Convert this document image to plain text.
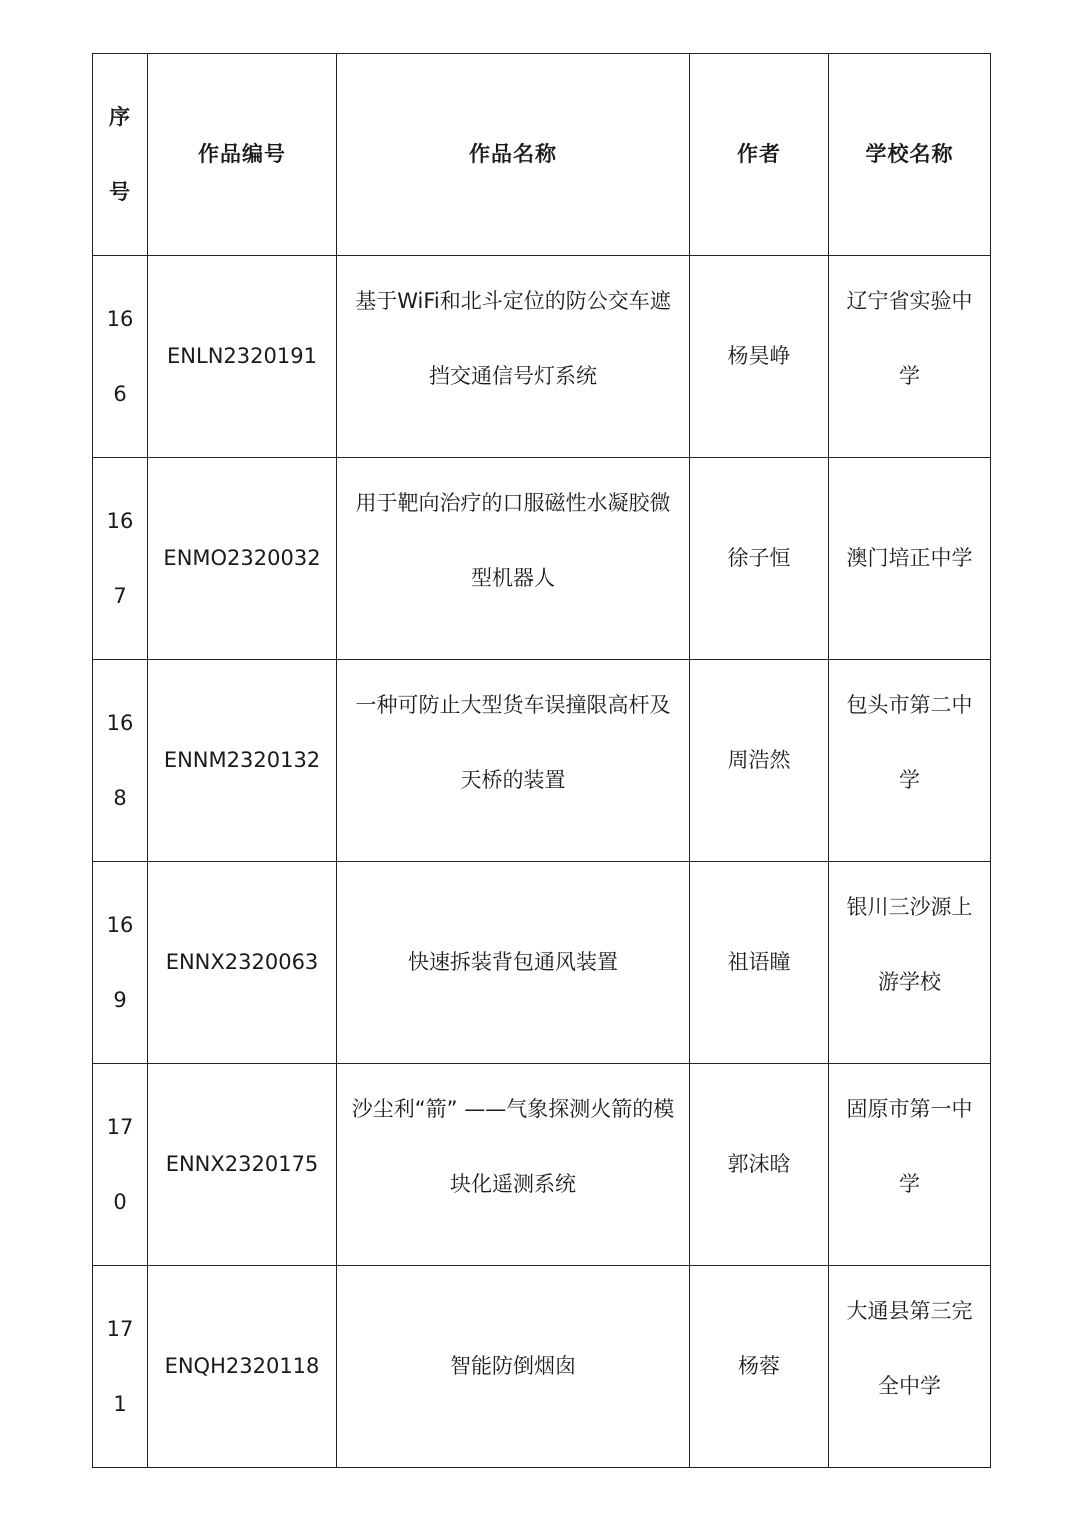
序号	作品编号	作品名称	作者	学校名称
166	ENLN2320191	基于WiFi和北斗定位的防公交车遮挡交通信号灯系统	杨昊峥	辽宁省实验中学
167	ENMO2320032	用于靶向治疗的口服磁性水凝胶微型机器人	徐子恒	澳门培正中学
168	ENNM2320132	一种可防止大型货车误撞限高杆及天桥的装置	周浩然	包头市第二中学
169	ENNX2320063	快速拆装背包通风装置	祖语瞳	银川三沙源上游学校
170	ENNX2320175	沙尘利“箭” ——气象探测火箭的模块化遥测系统	郭沫晗	固原市第一中学
171	ENQH2320118	智能防倒烟囱	杨蓉	大通县第三完全中学
